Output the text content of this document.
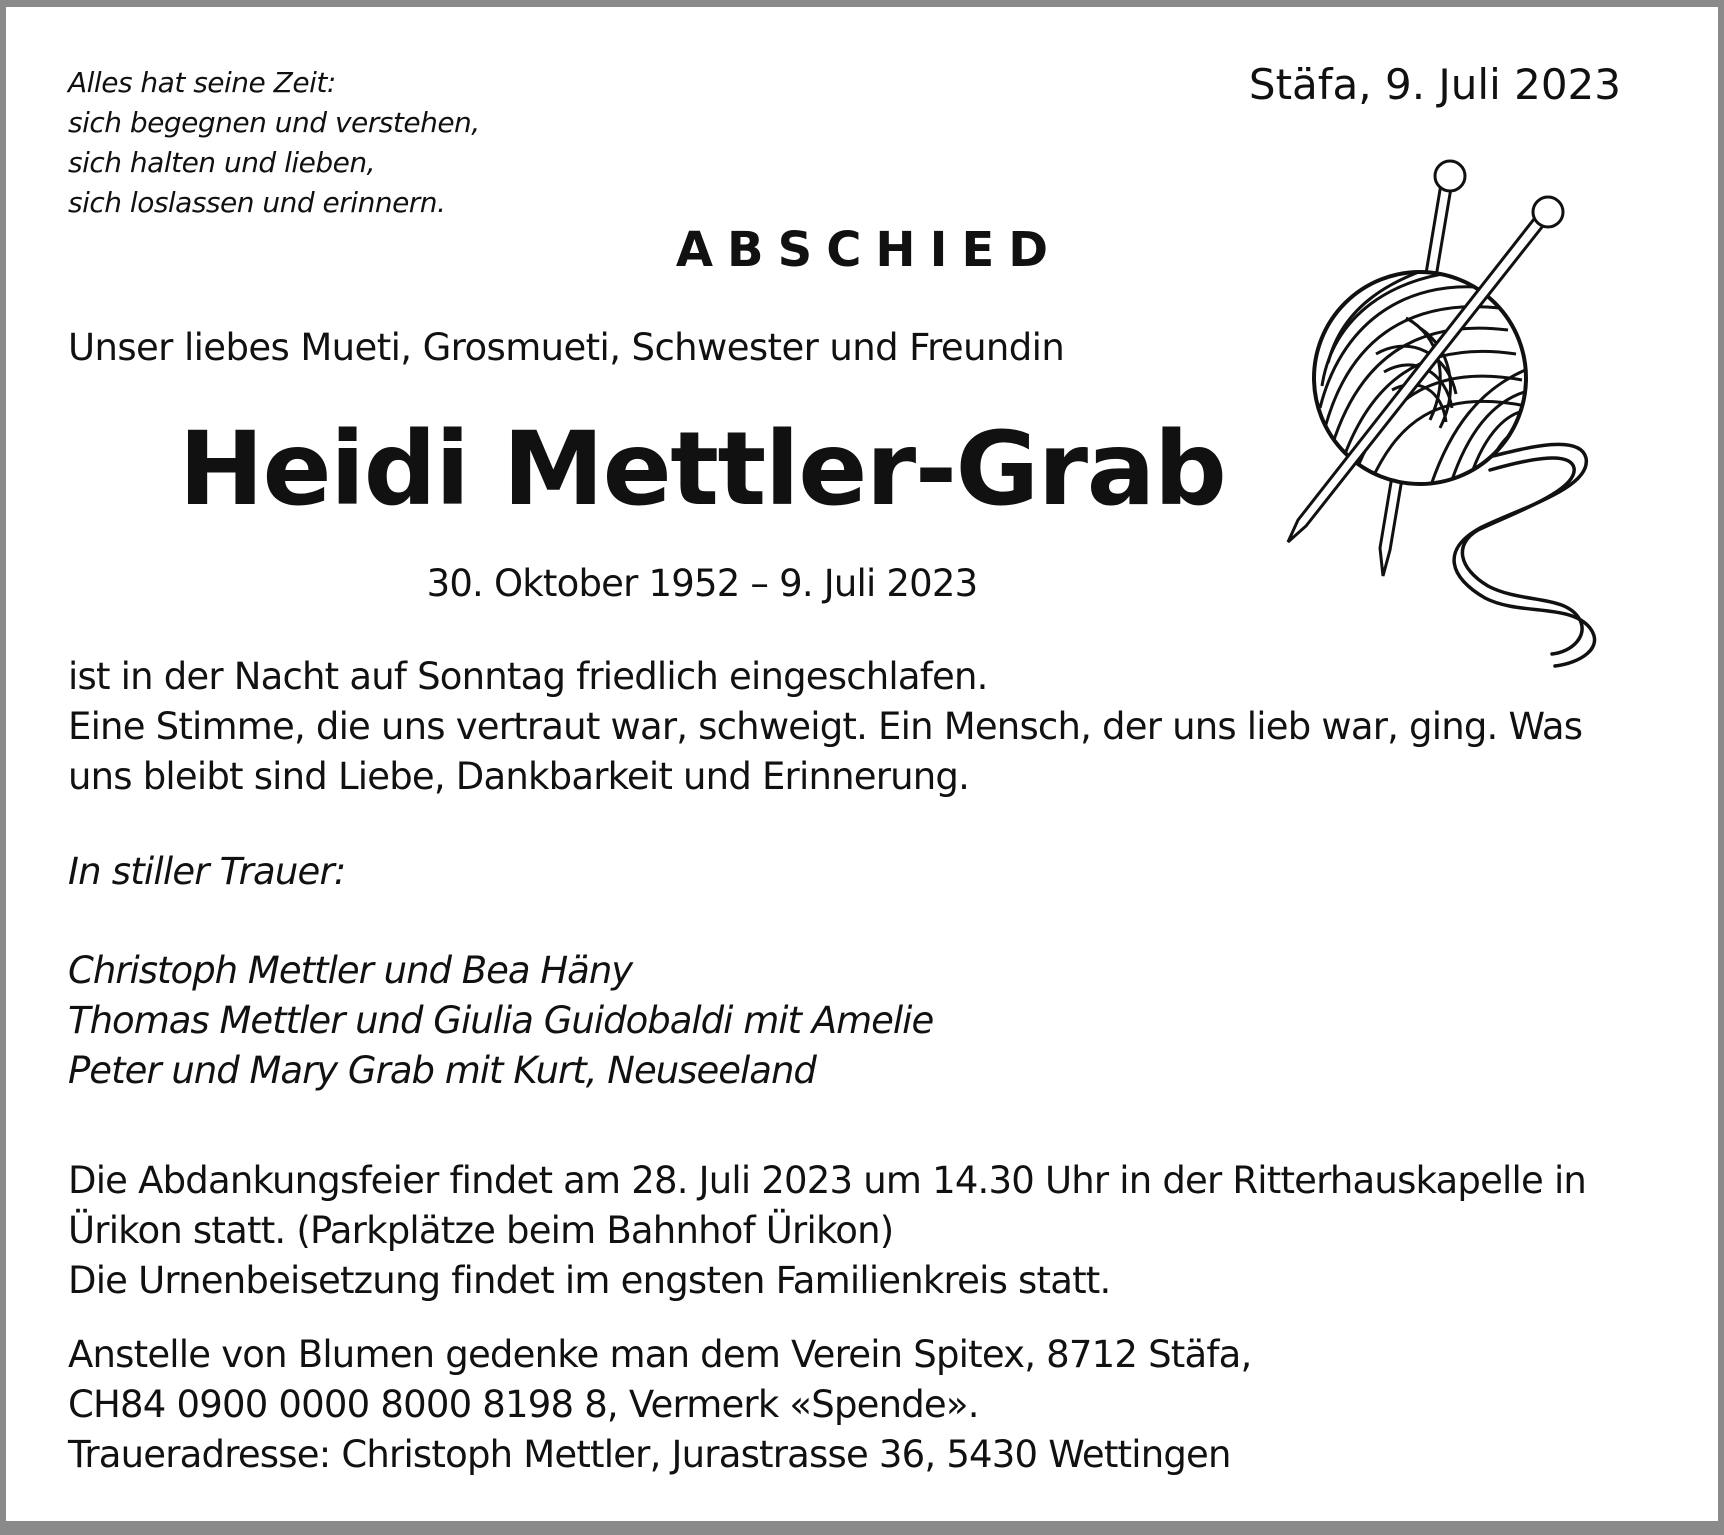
Alles hat seine Zeit:
sich begegnen und verstehen,
sich halten und lieben,
sich loslassen und erinnern.
Stäfa, 9. Juli 2023
ABSCHIED
Unser liebes Mueti, Grosmueti, Schwester und Freundin
Heidi Mettler-Grab
30. Oktober 1952 – 9. Juli 2023
ist in der Nacht auf Sonntag friedlich eingeschlafen.
Eine Stimme, die uns vertraut war, schweigt. Ein Mensch, der uns lieb war, ging. Was
uns bleibt sind Liebe, Dankbarkeit und Erinnerung.
In stiller Trauer:
Christoph Mettler und Bea Häny
Thomas Mettler und Giulia Guidobaldi mit Amelie
Peter und Mary Grab mit Kurt, Neuseeland
Die Abdankungsfeier findet am 28. Juli 2023 um 14.30 Uhr in der Ritterhauskapelle in
Ürikon statt. (Parkplätze beim Bahnhof Ürikon)
Die Urnenbeisetzung findet im engsten Familienkreis statt.
Anstelle von Blumen gedenke man dem Verein Spitex, 8712 Stäfa,
CH84 0900 0000 8000 8198 8, Vermerk «Spende».
Traueradresse: Christoph Mettler, Jurastrasse 36, 5430 Wettingen
